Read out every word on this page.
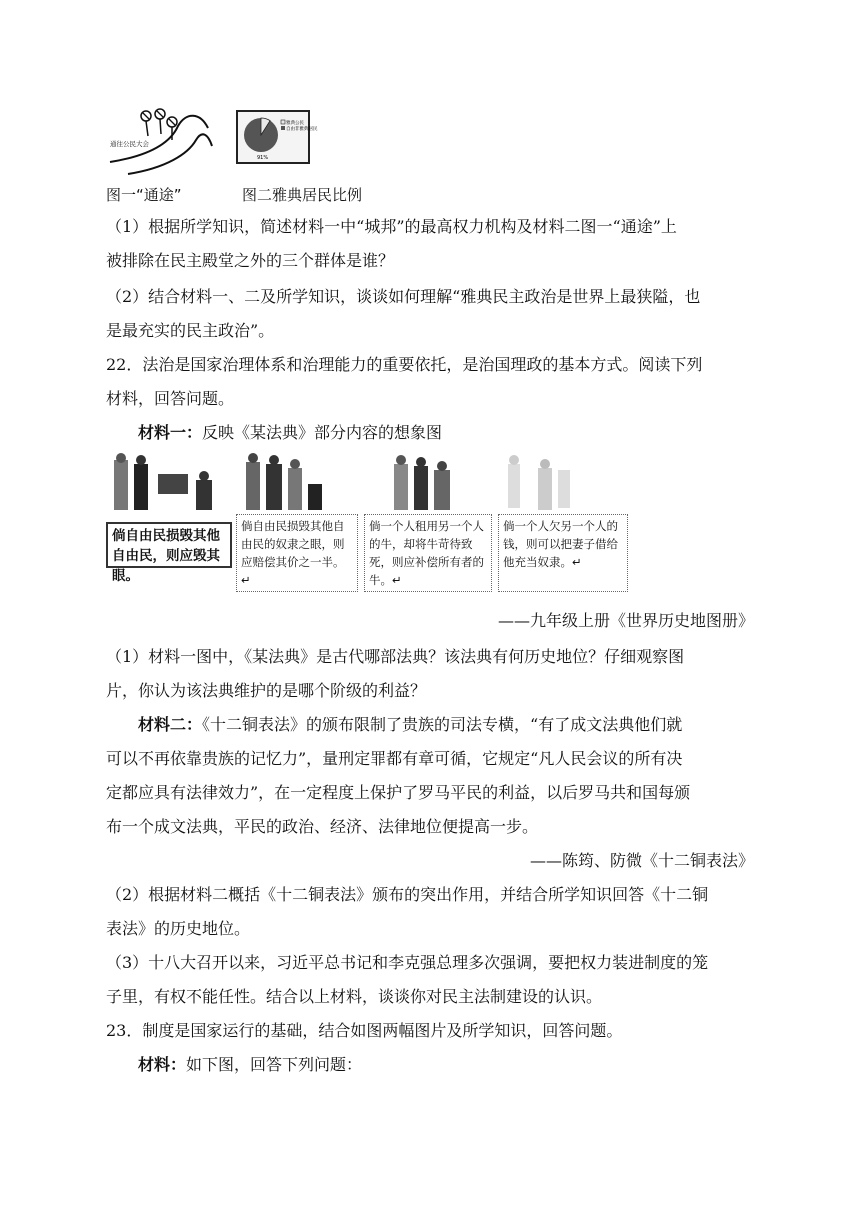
通往公民大会
雅典公民
自由非雅典居民
91%
图一“通途”	图二雅典居民比例
（1）根据所学知识，简述材料一中“城邦”的最高权力机构及材料二图一“通途”上
被排除在民主殿堂之外的三个群体是谁？
（2）结合材料一、二及所学知识，谈谈如何理解“雅典民主政治是世界上最狭隘，也
是最充实的民主政治”。
22．法治是国家治理体系和治理能力的重要依托，是治国理政的基本方式。阅读下列
材料，回答问题。
材料一：反映《某法典》部分内容的想象图
倘自由民损毁其他自由民，则应毁其眼。
倘自由民损毁其他自由民的奴隶之眼，则应赔偿其价之一半。↵
倘一个人租用另一个人的牛，却将牛苛待致死，则应补偿所有者的牛。↵
倘一个人欠另一个人的钱，则可以把妻子借给他充当奴隶。↵
——九年级上册《世界历史地图册》
（1）材料一图中，《某法典》是古代哪部法典？该法典有何历史地位？仔细观察图
片，你认为该法典维护的是哪个阶级的利益？
材料二：《十二铜表法》的颁布限制了贵族的司法专横，“有了成文法典他们就
可以不再依靠贵族的记忆力”，量刑定罪都有章可循，它规定“凡人民会议的所有决
定都应具有法律效力”，在一定程度上保护了罗马平民的利益，以后罗马共和国每颁
布一个成文法典，平民的政治、经济、法律地位便提高一步。
——陈筠、防微《十二铜表法》
（2）根据材料二概括《十二铜表法》颁布的突出作用，并结合所学知识回答《十二铜
表法》的历史地位。
（3）十八大召开以来，习近平总书记和李克强总理多次强调，要把权力装进制度的笼
子里，有权不能任性。结合以上材料，谈谈你对民主法制建设的认识。
23．制度是国家运行的基础，结合如图两幅图片及所学知识，回答问题。
材料：如下图，回答下列问题：
